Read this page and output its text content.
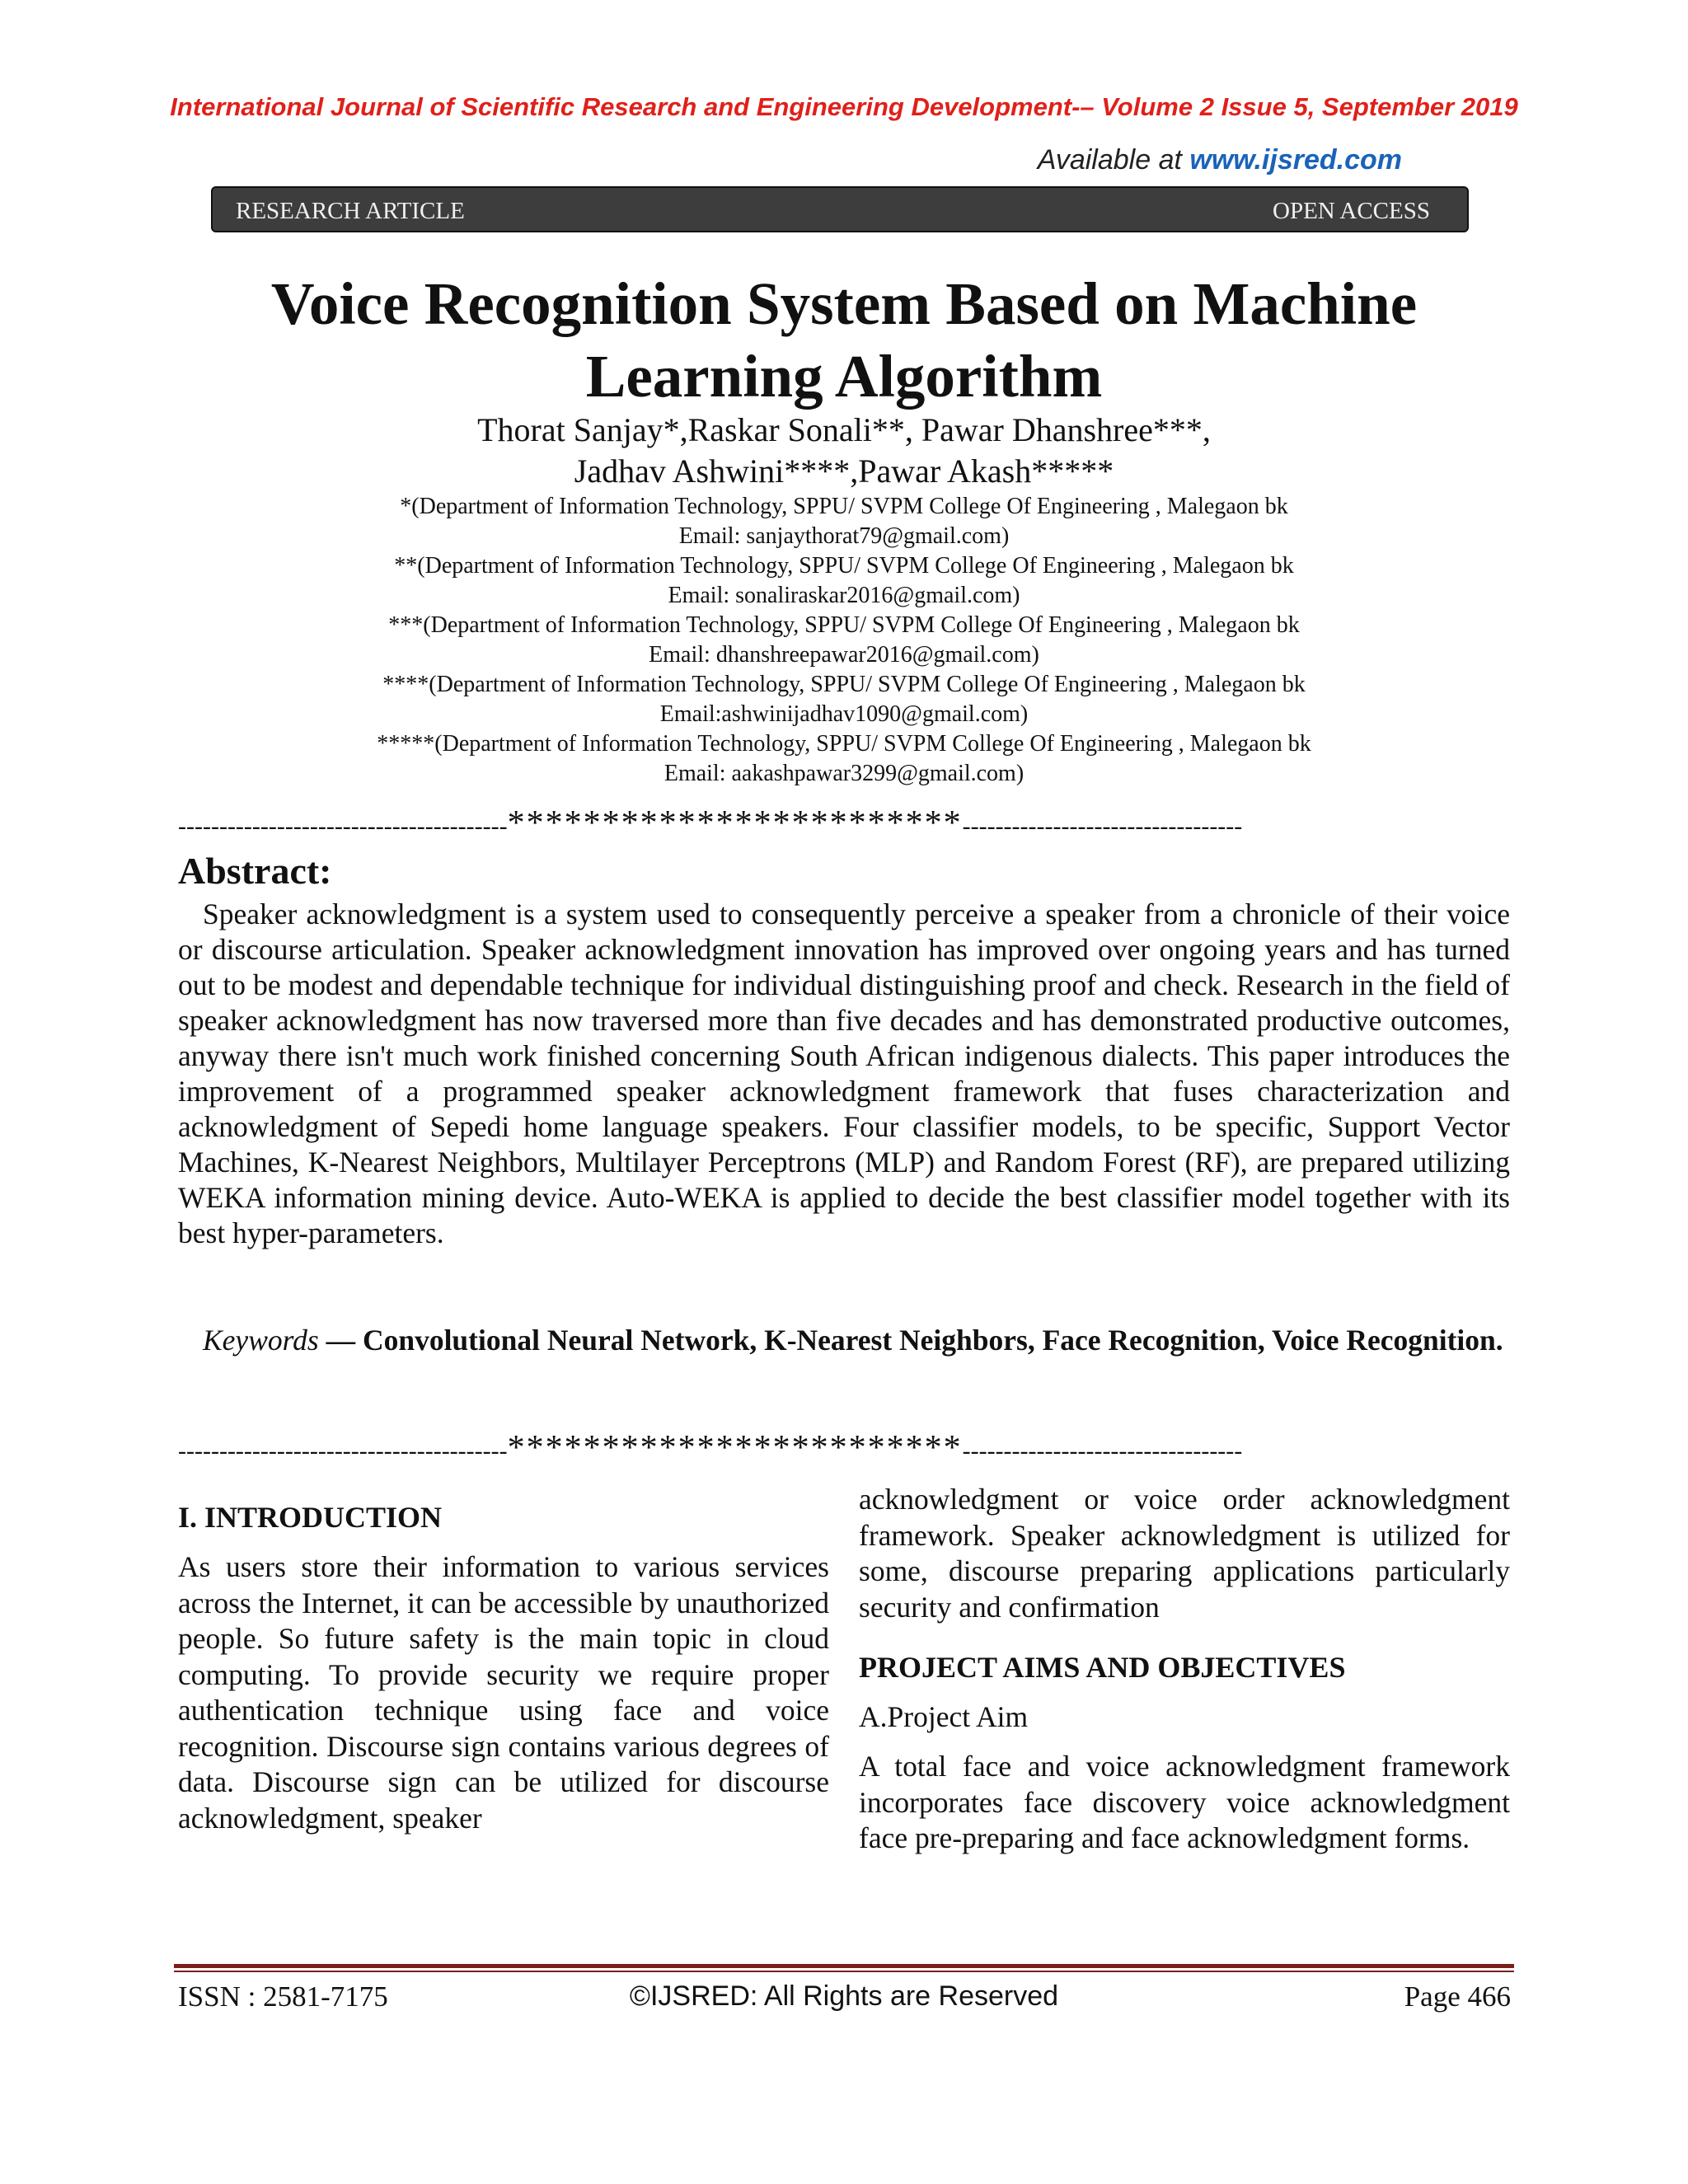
International Journal of Scientific Research and Engineering Development-– Volume 2 Issue 5, September 2019
Available at www.ijsred.com
RESEARCH ARTICLE	OPEN ACCESS
Voice Recognition System Based on Machine
Learning Algorithm
Thorat Sanjay*,Raskar Sonali**, Pawar Dhanshree***,
Jadhav Ashwini****,Pawar Akash*****
*(Department of Information Technology, SPPU/ SVPM College Of Engineering , Malegaon bk
Email: sanjaythorat79@gmail.com)
**(Department of Information Technology, SPPU/ SVPM College Of Engineering , Malegaon bk
Email: sonaliraskar2016@gmail.com)
***(Department of Information Technology, SPPU/ SVPM College Of Engineering , Malegaon bk
Email: dhanshreepawar2016@gmail.com)
****(Department of Information Technology, SPPU/ SVPM College Of Engineering , Malegaon bk
Email:ashwinijadhav1090@gmail.com)
*****(Department of Information Technology, SPPU/ SVPM College Of Engineering , Malegaon bk
Email: aakashpawar3299@gmail.com)
----------------------------------------************************----------------------------------
Abstract:

Speaker acknowledgment is a system used to consequently perceive a speaker from a chronicle of their voice or discourse articulation. Speaker acknowledgment innovation has improved over ongoing years and has turned out to be modest and dependable technique for individual distinguishing proof and check. Research in the field of speaker acknowledgment has now traversed more than five decades and has demonstrated productive outcomes, anyway there isn't much work finished concerning South African indigenous dialects. This paper introduces the improvement of a programmed speaker acknowledgment framework that fuses characterization and acknowledgment of Sepedi home language speakers. Four classifier models, to be specific, Support Vector Machines, K-Nearest Neighbors, Multilayer Perceptrons (MLP) and Random Forest (RF), are prepared utilizing WEKA information mining device. Auto-WEKA is applied to decide the best classifier model together with its best hyper-parameters.

Keywords — Convolutional Neural Network, K-Nearest Neighbors, Face Recognition, Voice Recognition.

----------------------------------------************************----------------------------------
I. INTRODUCTION

As users store their information to various services across the Internet, it can be accessible by unauthorized people. So future safety is the main topic in cloud computing. To provide security we require proper authentication technique using face and voice recognition. Discourse sign contains various degrees of data. Discourse sign can be utilized for discourse acknowledgment, speaker

acknowledgment or voice order acknowledgment framework. Speaker acknowledgment is utilized for some, discourse preparing applications particularly security and confirmation

PROJECT AIMS AND OBJECTIVES
A.Project Aim

A total face and voice acknowledgment framework incorporates face discovery voice acknowledgment face pre-preparing and face acknowledgment forms.

ISSN : 2581-7175	©IJSRED: All Rights are Reserved	Page 466
